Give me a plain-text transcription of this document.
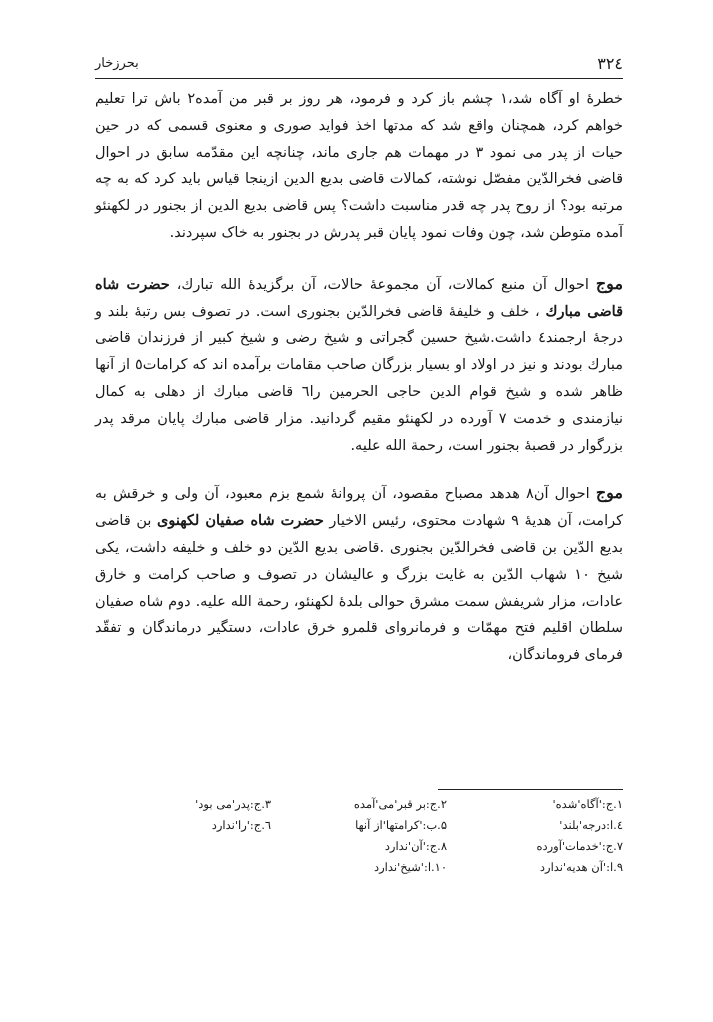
۳۲٤
بحرزخار

خطرهٔ او آگاه شد،۱ چشم باز کرد و فرمود، هر روز بر قبر من آمده۲ باش ترا تعلیم خواهم کرد، همچنان واقع شد که مدتها اخذ فواید صوری و معنوی قسمی که در حین حیات از پدر می نمود ۳ در مهمات هم جاری ماند، چنانچه این مقدّمه سابق در احوال قاضی فخرالدّین مفصّل نوشته، کمالات قاضی بدیع الدین ازینجا قیاس باید کرد که به چه مرتبه بود؟ از روح پدر چه قدر مناسبت داشت؟ پس قاضی بدیع الدین از بجنور در لکهنئو آمده متوطن شد، چون وفات نمود پایان قبر پدرش در بجنور به خاک سپردند.

موج احوال آن منبع کمالات، آن مجموعهٔ حالات، آن برگزیدهٔ الله تبارك، حضرت شاه قاضی مبارك ، خلف و خلیفهٔ قاضی فخرالدّین بجنوری است. در تصوف بس رتبهٔ بلند و درجهٔ ارجمند٤ داشت.شیخ حسین گجراتی و شیخ رضی و شیخ کبیر از فرزندان قاضی مبارك بودند و نیز در اولاد او بسیار بزرگان صاحب مقامات برآمده اند که کرامات٥ از آنها ظاهر شده و شیخ قوام الدین حاجی الحرمین را٦ قاضی مبارك از دهلی به کمال نیازمندی و خدمت ۷ آورده در لکهنئو مقیم گردانید. مزار قاضی مبارك پایان مرقد پدر بزرگوار در قصبهٔ بجنور است، رحمة الله علیه.

موج احوال آن۸ هدهد مصباح مقصود، آن پروانهٔ شمع بزم معبود، آن ولی و خرقش به کرامت، آن هدیهٔ ۹ شهادت محتوی، رئیس الاخیار حضرت شاه صفیان لکهنوی بن قاضی بدیع الدّین بن قاضی فخرالدّین بجنوری .قاضی بدیع الدّین دو خلف و خلیفه داشت، یکی شیخ ۱۰ شهاب الدّین به غایت بزرگ و عالیشان در تصوف و صاحب کرامت و خارق عادات، مزار شریفش سمت مشرق حوالی بلدهٔ لکهنئو، رحمة الله علیه. دوم شاه صفیان سلطان اقلیم فتح مهمّات و فرمانروای قلمرو خرق عادات، دستگیر درماندگان و تفقّد فرمای فروماندگان،

۱.ج:'آگاه'شده'
۲.ج:بر قبر'می'آمده
۳.ج:پدر'می بود'
٤.ا:درجه'بلند'
۵.ب:'کرامتها'از آنها
٦.ج:'را'ندارد
۷.ج:'خدمات'آورده
۸.ج:'آن'ندارد
۹.ا:'آن هدیه'ندارد
۱۰.ا:'شیخ'ندارد
